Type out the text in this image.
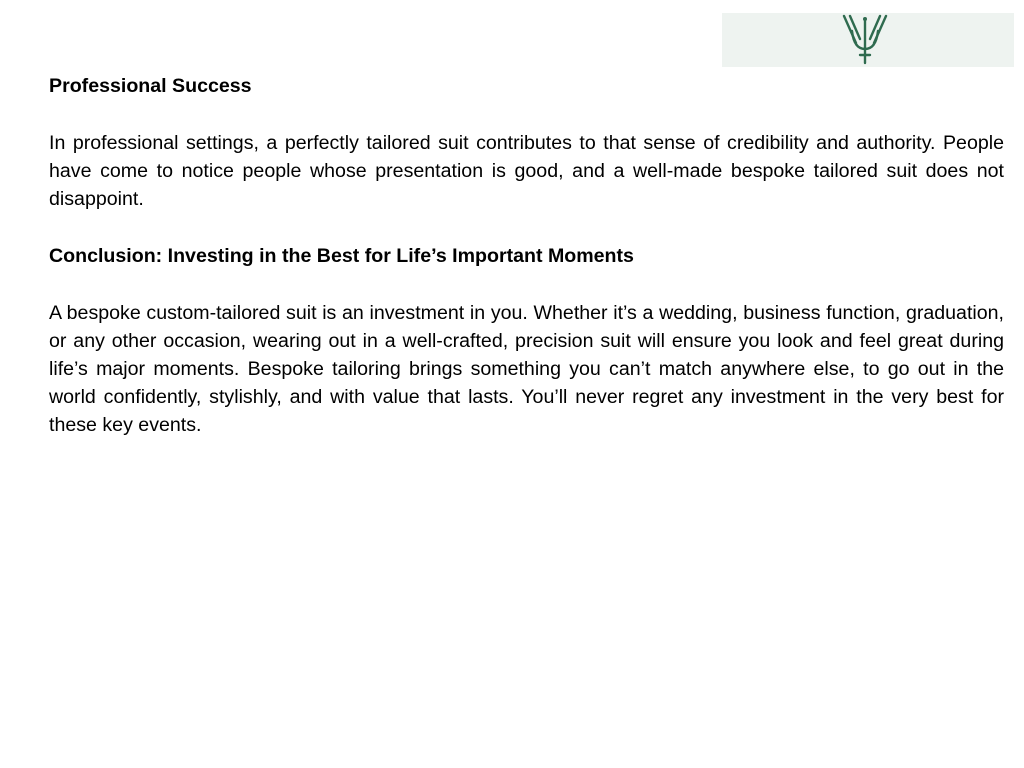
Professional Success

In professional settings, a perfectly tailored suit contributes to that sense of credibility and authority. People have come to notice people whose presentation is good, and a well-made bespoke tailored suit does not disappoint.

Conclusion: Investing in the Best for Life’s Important Moments

A bespoke custom-tailored suit is an investment in you. Whether it’s a wedding, business function, graduation, or any other occasion, wearing out in a well-crafted, precision suit will ensure you look and feel great during life’s major moments. Bespoke tailoring brings something you can’t match anywhere else, to go out in the world confidently, stylishly, and with value that lasts. You’ll never regret any investment in the very best for these key events.
